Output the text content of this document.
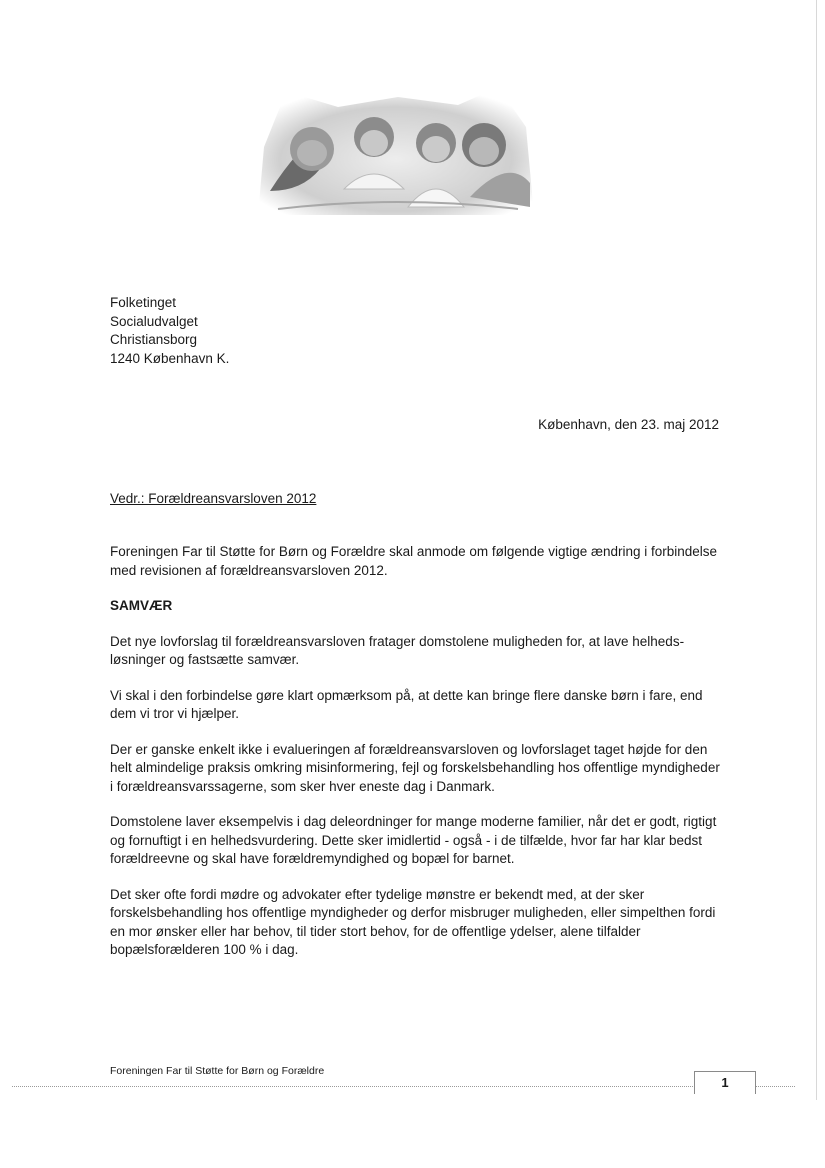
Folketinget
Socialudvalget
Christiansborg
1240 København K.
København, den 23. maj 2012
Vedr.: Forældreansvarsloven 2012

Foreningen Far til Støtte for Børn og Forældre skal anmode om følgende vigtige ændring i forbindelse med revisionen af forældreansvarsloven 2012.

SAMVÆR

Det nye lovforslag til forældreansvarsloven fratager domstolene muligheden for, at lave helheds-løsninger og fastsætte samvær.

Vi skal i den forbindelse gøre klart opmærksom på, at dette kan bringe flere danske børn i fare, end dem vi tror vi hjælper.

Der er ganske enkelt ikke i evalueringen af forældreansvarsloven og lovforslaget taget højde for den helt almindelige praksis omkring misinformering, fejl og forskelsbehandling hos offentlige myndigheder i forældreansvarssagerne, som sker hver eneste dag i Danmark.

Domstolene laver eksempelvis i dag deleordninger for mange moderne familier, når det er godt, rigtigt og fornuftigt i en helhedsvurdering. Dette sker imidlertid - også - i de tilfælde, hvor far har klar bedst forældreevne og skal have forældremyndighed og bopæl for barnet.

Det sker ofte fordi mødre og advokater efter tydelige mønstre er bekendt med, at der sker forskelsbehandling hos offentlige myndigheder og derfor misbruger muligheden, eller simpelthen fordi en mor ønsker eller har behov, til tider stort behov, for de offentlige ydelser, alene tilfalder bopælsforælderen 100 % i dag.

Foreningen Far til Støtte for Børn og Forældre
1
